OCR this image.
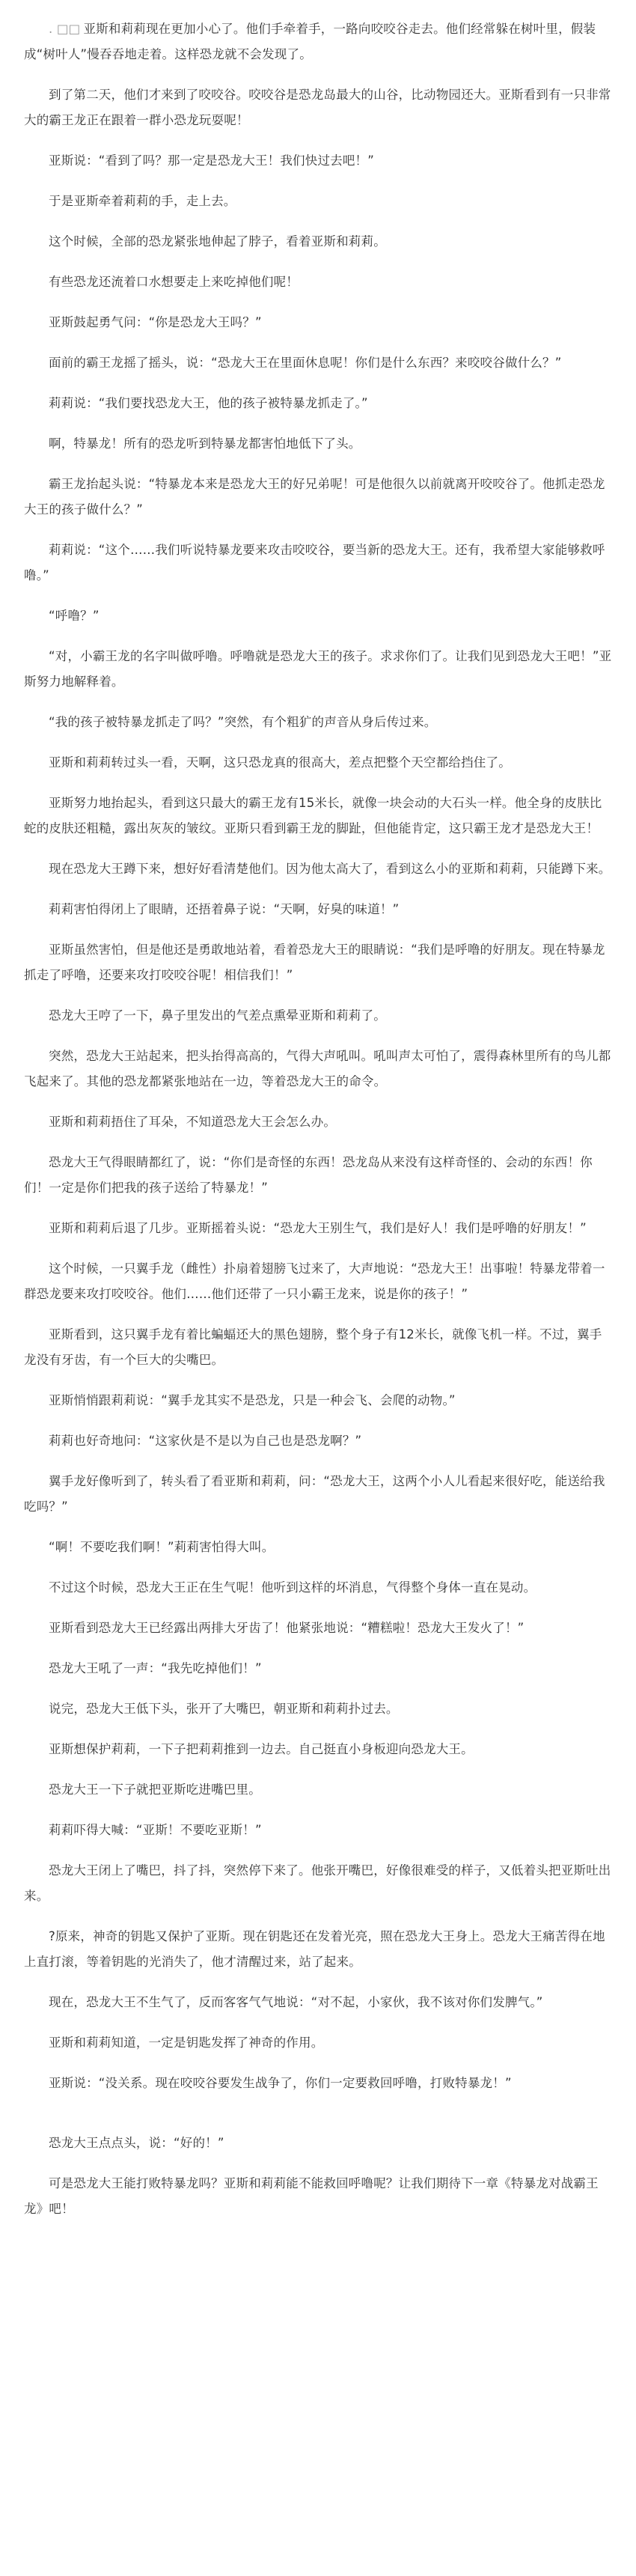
. □□ 亚斯和莉莉现在更加小心了。他们手牵着手，一路向咬咬谷走去。他们经常躲在树叶里，假装成“树叶人”慢吞吞地走着。这样恐龙就不会发现了。

到了第二天，他们才来到了咬咬谷。咬咬谷是恐龙岛最大的山谷，比动物园还大。亚斯看到有一只非常大的霸王龙正在跟着一群小恐龙玩耍呢！

亚斯说：“看到了吗？那一定是恐龙大王！我们快过去吧！”

于是亚斯牵着莉莉的手，走上去。

这个时候，全部的恐龙紧张地伸起了脖子，看着亚斯和莉莉。

有些恐龙还流着口水想要走上来吃掉他们呢！

亚斯鼓起勇气问：“你是恐龙大王吗？”

面前的霸王龙摇了摇头，说：“恐龙大王在里面休息呢！你们是什么东西？来咬咬谷做什么？”

莉莉说：“我们要找恐龙大王，他的孩子被特暴龙抓走了。”

啊，特暴龙！所有的恐龙听到特暴龙都害怕地低下了头。

霸王龙抬起头说：“特暴龙本来是恐龙大王的好兄弟呢！可是他很久以前就离开咬咬谷了。他抓走恐龙大王的孩子做什么？”

莉莉说：“这个……我们听说特暴龙要来攻击咬咬谷，要当新的恐龙大王。还有，我希望大家能够救呼噜。”

“呼噜？”

“对，小霸王龙的名字叫做呼噜。呼噜就是恐龙大王的孩子。求求你们了。让我们见到恐龙大王吧！”亚斯努力地解释着。

“我的孩子被特暴龙抓走了吗？”突然，有个粗犷的声音从身后传过来。

亚斯和莉莉转过头一看，天啊，这只恐龙真的很高大，差点把整个天空都给挡住了。

亚斯努力地抬起头，看到这只最大的霸王龙有15米长，就像一块会动的大石头一样。他全身的皮肤比蛇的皮肤还粗糙，露出灰灰的皱纹。亚斯只看到霸王龙的脚趾，但他能肯定，这只霸王龙才是恐龙大王！

现在恐龙大王蹲下来，想好好看清楚他们。因为他太高大了，看到这么小的亚斯和莉莉，只能蹲下来。

莉莉害怕得闭上了眼睛，还捂着鼻子说：“天啊，好臭的味道！”

亚斯虽然害怕，但是他还是勇敢地站着，看着恐龙大王的眼睛说：“我们是呼噜的好朋友。现在特暴龙抓走了呼噜，还要来攻打咬咬谷呢！相信我们！”

恐龙大王哼了一下，鼻子里发出的气差点熏晕亚斯和莉莉了。

突然，恐龙大王站起来，把头抬得高高的，气得大声吼叫。吼叫声太可怕了，震得森林里所有的鸟儿都飞起来了。其他的恐龙都紧张地站在一边，等着恐龙大王的命令。

亚斯和莉莉捂住了耳朵，不知道恐龙大王会怎么办。

恐龙大王气得眼睛都红了，说：“你们是奇怪的东西！恐龙岛从来没有这样奇怪的、会动的东西！你们！一定是你们把我的孩子送给了特暴龙！”

亚斯和莉莉后退了几步。亚斯摇着头说：“恐龙大王别生气，我们是好人！我们是呼噜的好朋友！”

这个时候，一只翼手龙（雌性）扑扇着翅膀飞过来了，大声地说：“恐龙大王！出事啦！特暴龙带着一群恐龙要来攻打咬咬谷。他们……他们还带了一只小霸王龙来，说是你的孩子！”

亚斯看到，这只翼手龙有着比蝙蝠还大的黑色翅膀，整个身子有12米长，就像飞机一样。不过，翼手龙没有牙齿，有一个巨大的尖嘴巴。

亚斯悄悄跟莉莉说：“翼手龙其实不是恐龙，只是一种会飞、会爬的动物。”

莉莉也好奇地问：“这家伙是不是以为自己也是恐龙啊？”

翼手龙好像听到了，转头看了看亚斯和莉莉，问：“恐龙大王，这两个小人儿看起来很好吃，能送给我吃吗？”

“啊！不要吃我们啊！”莉莉害怕得大叫。

不过这个时候，恐龙大王正在生气呢！他听到这样的坏消息，气得整个身体一直在晃动。

亚斯看到恐龙大王已经露出两排大牙齿了！他紧张地说：“糟糕啦！恐龙大王发火了！”

恐龙大王吼了一声：“我先吃掉他们！”

说完，恐龙大王低下头，张开了大嘴巴，朝亚斯和莉莉扑过去。

亚斯想保护莉莉，一下子把莉莉推到一边去。自己挺直小身板迎向恐龙大王。

恐龙大王一下子就把亚斯吃进嘴巴里。

莉莉吓得大喊：“亚斯！不要吃亚斯！”

恐龙大王闭上了嘴巴，抖了抖，突然停下来了。他张开嘴巴，好像很难受的样子，又低着头把亚斯吐出来。

?原来，神奇的钥匙又保护了亚斯。现在钥匙还在发着光亮，照在恐龙大王身上。恐龙大王痛苦得在地上直打滚，等着钥匙的光消失了，他才清醒过来，站了起来。

现在，恐龙大王不生气了，反而客客气气地说：“对不起，小家伙，我不该对你们发脾气。”

亚斯和莉莉知道，一定是钥匙发挥了神奇的作用。

亚斯说：“没关系。现在咬咬谷要发生战争了，你们一定要救回呼噜，打败特暴龙！”

恐龙大王点点头，说：“好的！”

可是恐龙大王能打败特暴龙吗？亚斯和莉莉能不能救回呼噜呢？让我们期待下一章《特暴龙对战霸王龙》吧！
